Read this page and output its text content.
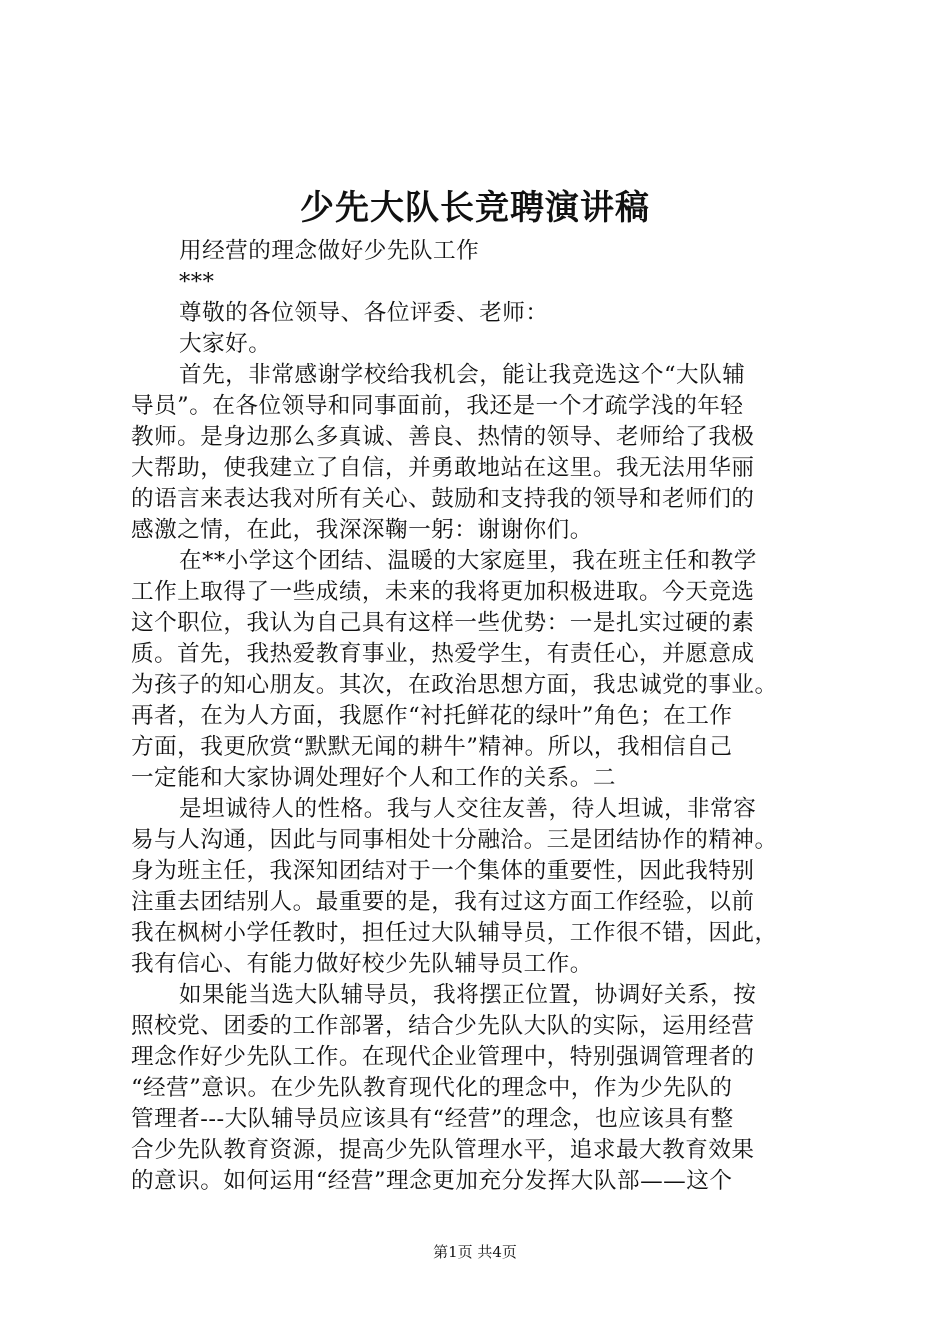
少先大队长竞聘演讲稿
用经营的理念做好少先队工作
***
尊敬的各位领导、各位评委、老师：
大家好。
首先，非常感谢学校给我机会，能让我竞选这个“大队辅
导员”。在各位领导和同事面前，我还是一个才疏学浅的年轻
教师。是身边那么多真诚、善良、热情的领导、老师给了我极
大帮助，使我建立了自信，并勇敢地站在这里。我无法用华丽
的语言来表达我对所有关心、鼓励和支持我的领导和老师们的
感激之情，在此，我深深鞠一躬：谢谢你们。
在**小学这个团结、温暖的大家庭里，我在班主任和教学
工作上取得了一些成绩，未来的我将更加积极进取。今天竞选
这个职位，我认为自己具有这样一些优势：一是扎实过硬的素
质。首先，我热爱教育事业，热爱学生，有责任心，并愿意成
为孩子的知心朋友。其次，在政治思想方面，我忠诚党的事业。
再者，在为人方面，我愿作“衬托鲜花的绿叶”角色；在工作
方面，我更欣赏“默默无闻的耕牛”精神。所以，我相信自己
一定能和大家协调处理好个人和工作的关系。二
是坦诚待人的性格。我与人交往友善，待人坦诚，非常容
易与人沟通，因此与同事相处十分融洽。三是团结协作的精神。
身为班主任，我深知团结对于一个集体的重要性，因此我特别
注重去团结别人。最重要的是，我有过这方面工作经验，以前
我在枫树小学任教时，担任过大队辅导员，工作很不错，因此，
我有信心、有能力做好校少先队辅导员工作。
如果能当选大队辅导员，我将摆正位置，协调好关系，按
照校党、团委的工作部署，结合少先队大队的实际，运用经营
理念作好少先队工作。在现代企业管理中，特别强调管理者的
“经营”意识。在少先队教育现代化的理念中，作为少先队的
管理者---大队辅导员应该具有“经营”的理念，也应该具有整
合少先队教育资源，提高少先队管理水平，追求最大教育效果
的意识。如何运用“经营”理念更加充分发挥大队部——这个
第1页 共4页
